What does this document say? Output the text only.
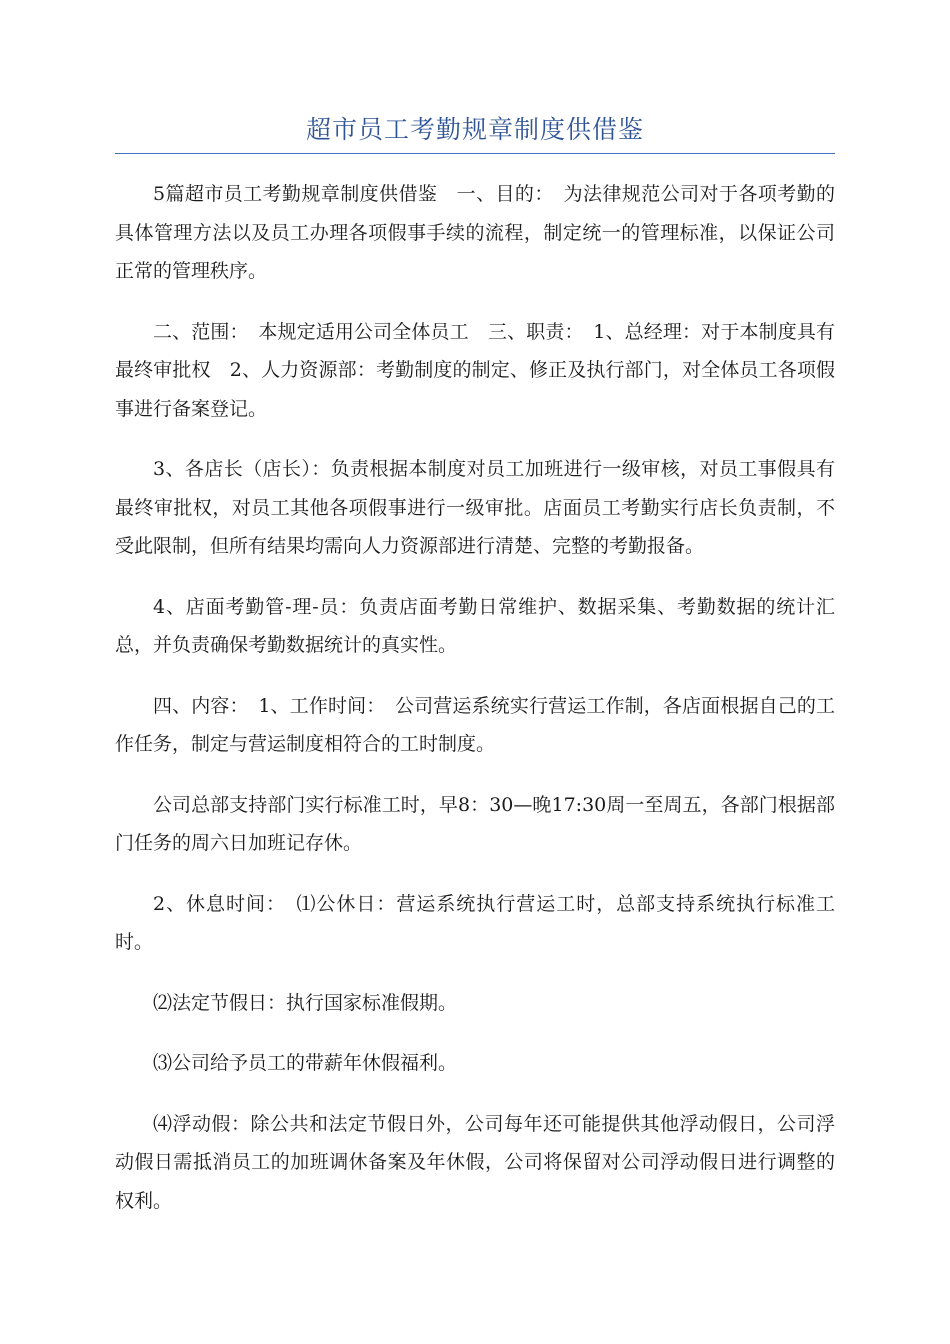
超市员工考勤规章制度供借鉴

5篇超市员工考勤规章制度供借鉴　一、目的：　为法律规范公司对于各项考勤的具体管理方法以及员工办理各项假事手续的流程，制定统一的管理标准，以保证公司正常的管理秩序。

二、范围：　本规定适用公司全体员工　三、职责：　1、总经理：对于本制度具有最终审批权　2、人力资源部：考勤制度的制定、修正及执行部门，对全体员工各项假事进行备案登记。

3、各店长（店长）：负责根据本制度对员工加班进行一级审核，对员工事假具有最终审批权，对员工其他各项假事进行一级审批。店面员工考勤实行店长负责制，不受此限制，但所有结果均需向人力资源部进行清楚、完整的考勤报备。

4、店面考勤管-理-员：负责店面考勤日常维护、数据采集、考勤数据的统计汇总，并负责确保考勤数据统计的真实性。

四、内容：　1、工作时间：　公司营运系统实行营运工作制，各店面根据自己的工作任务，制定与营运制度相符合的工时制度。

公司总部支持部门实行标准工时，早8：30—晚17:30周一至周五，各部门根据部门任务的周六日加班记存休。

2、休息时间：　⑴公休日：营运系统执行营运工时，总部支持系统执行标准工时。

⑵法定节假日：执行国家标准假期。

⑶公司给予员工的带薪年休假福利。

⑷浮动假：除公共和法定节假日外，公司每年还可能提供其他浮动假日，公司浮动假日需抵消员工的加班调休备案及年休假，公司将保留对公司浮动假日进行调整的权利。
